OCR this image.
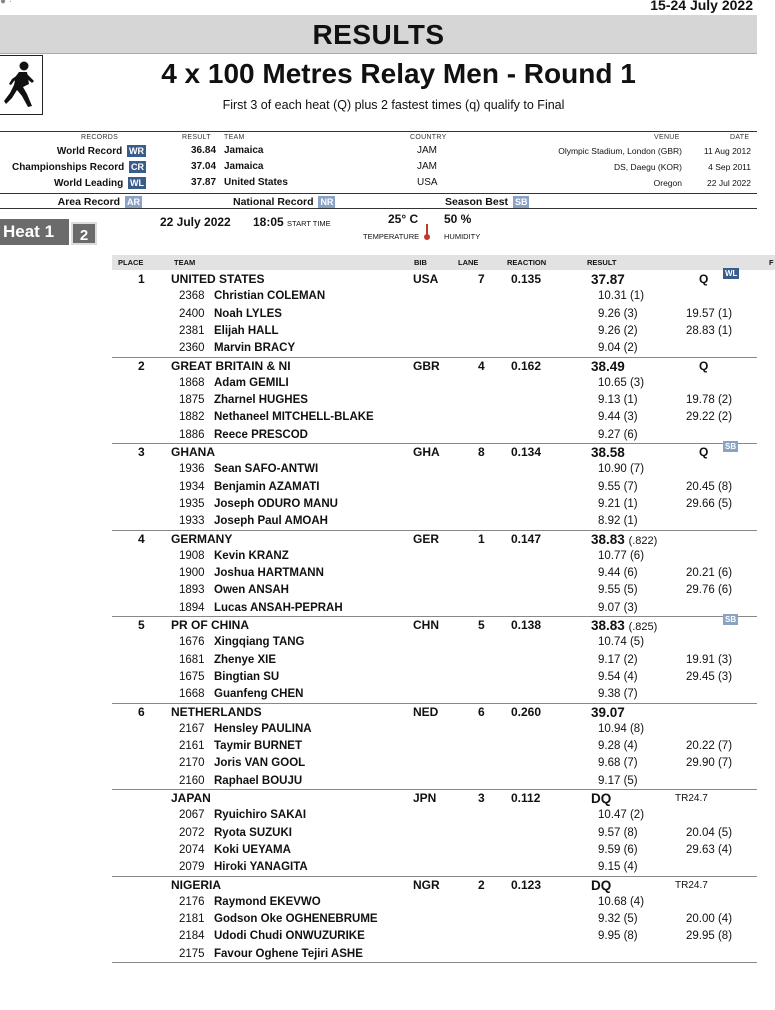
● ∙	15-24 July 2022
RESULTS
4 x 100 Metres Relay Men - Round 1
First 3 of each heat (Q) plus 2 fastest times (q) qualify to Final
RECORDS	RESULT TEAM	COUNTRY	VENUE	DATE
World Record WR	36.84 Jamaica	JAM	Olympic Stadium, London (GBR)	11 Aug 2012
Championships Record CR	37.04 Jamaica	JAM	DS, Daegu (KOR)	4 Sep 2011
World Leading WL	37.87 United States	USA	Oregon	22 Jul 2022
Area Record AR	National Record NR	Season Best SB
Heat 1	2
22 July 2022 18:05 START TIME	25° C
TEMPERATURE
50 %
HUMIDITY
PLACE	TEAM	BIB	LANE	REACTION	RESULT	F
1 UNITED STATES	USA	7 0.135	37.87	Q WL
2368 Christian COLEMAN	10.31 (1)
2400 Noah LYLES	9.26 (3)	19.57 (1)
2381 Elijah HALL	9.26 (2)	28.83 (1)
2360 Marvin BRACY	9.04 (2)
2 GREAT BRITAIN & NI	GBR	4 0.162	38.49	Q
1868 Adam GEMILI	10.65 (3)
1875 Zharnel HUGHES	9.13 (1)	19.78 (2)
1882 Nethaneel MITCHELL-BLAKE	9.44 (3)	29.22 (2)
1886 Reece PRESCOD	9.27 (6)
3 GHANA	GHA	8 0.134	38.58	Q SB
1936 Sean SAFO-ANTWI	10.90 (7)
1934 Benjamin AZAMATI	9.55 (7)	20.45 (8)
1935 Joseph ODURO MANU	9.21 (1)	29.66 (5)
1933 Joseph Paul AMOAH	8.92 (1)
4 GERMANY	GER	1 0.147	38.83 (.822)
1908 Kevin KRANZ	10.77 (6)
1900 Joshua HARTMANN	9.44 (6)	20.21 (6)
1893 Owen ANSAH	9.55 (5)	29.76 (6)
1894 Lucas ANSAH-PEPRAH	9.07 (3)
5 PR OF CHINA	CHN	5 0.138	38.83 (.825)
SB
1676 Xingqiang TANG	10.74 (5)
1681 Zhenye XIE	9.17 (2)	19.91 (3)
1675 Bingtian SU	9.54 (4)	29.45 (3)
1668 Guanfeng CHEN	9.38 (7)
6 NETHERLANDS	NED	6 0.260	39.07
2167 Hensley PAULINA	10.94 (8)
2161 Taymir BURNET	9.28 (4)	20.22 (7)
2170 Joris VAN GOOL	9.68 (7)	29.90 (7)
2160 Raphael BOUJU	9.17 (5)
JAPAN	JPN	3 0.112	DQ	TR24.7
2067 Ryuichiro SAKAI	10.47 (2)
2072 Ryota SUZUKI	9.57 (8)	20.04 (5)
2074 Koki UEYAMA	9.59 (6)	29.63 (4)
2079 Hiroki YANAGITA	9.15 (4)
NIGERIA	NGR	2 0.123	DQ	TR24.7
2176 Raymond EKEVWO	10.68 (4)
2181 Godson Oke OGHENEBRUME	9.32 (5)	20.00 (4)
2184 Udodi Chudi ONWUZURIKE	9.95 (8)	29.95 (8)
2175 Favour Oghene Tejiri ASHE
